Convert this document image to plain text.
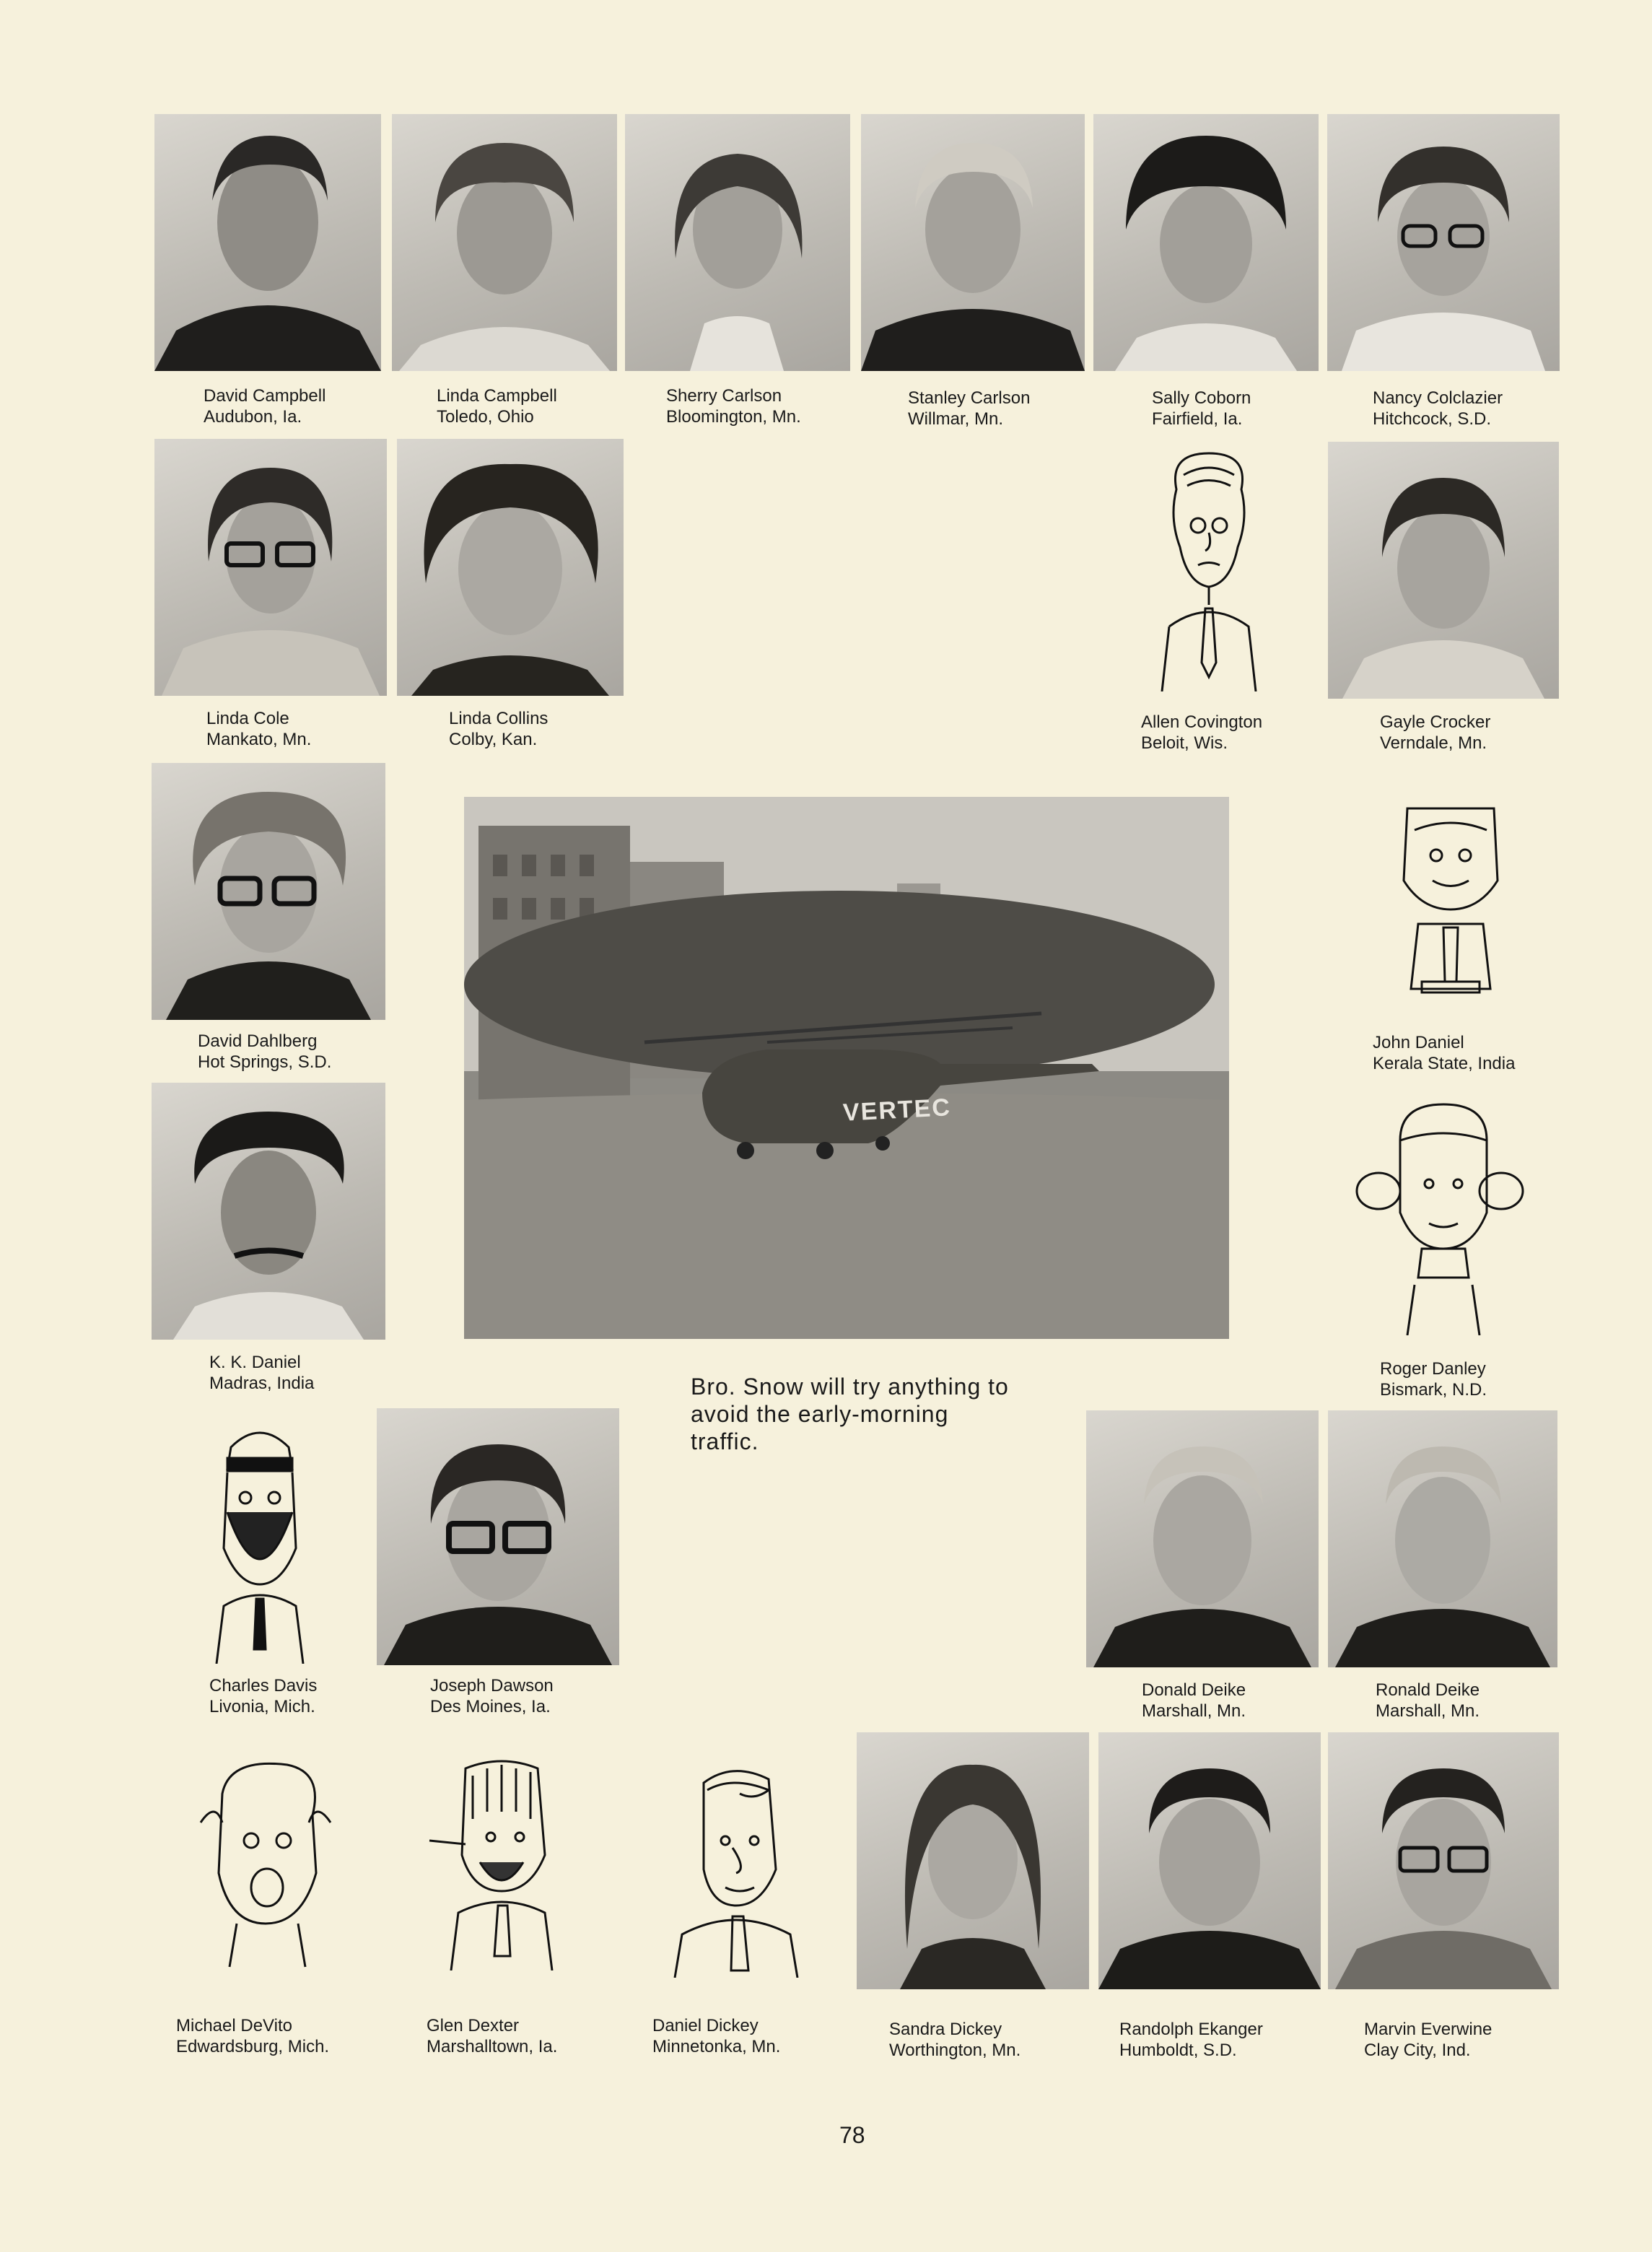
David Campbell
Audubon, Ia.
Linda Campbell
Toledo, Ohio
Sherry Carlson
Bloomington, Mn.
Stanley Carlson
Willmar, Mn.
Sally Coborn
Fairfield, Ia.
Nancy Colclazier
Hitchcock, S.D.
Linda Cole
Mankato, Mn.
Linda Collins
Colby, Kan.
Allen Covington
Beloit, Wis.
Gayle Crocker
Verndale, Mn.
David Dahlberg
Hot Springs, S.D.
VERTEC
Bro. Snow will try anything to avoid the early-morning traffic.
John Daniel
Kerala State, India
K. K. Daniel
Madras, India
Roger Danley
Bismark, N.D.
Charles Davis
Livonia, Mich.
Joseph Dawson
Des Moines, Ia.
Donald Deike
Marshall, Mn.
Ronald Deike
Marshall, Mn.
Michael DeVito
Edwardsburg, Mich.
Glen Dexter
Marshalltown, Ia.
Daniel Dickey
Minnetonka, Mn.
Sandra Dickey
Worthington, Mn.
Randolph Ekanger
Humboldt, S.D.
Marvin Everwine
Clay City, Ind.
78
